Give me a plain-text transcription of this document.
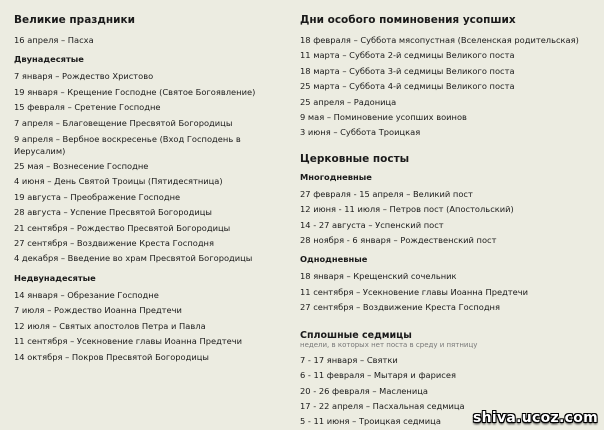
Великие праздники
16 апреля – Пасха
Двунадесятые
7 января – Рождество Христово
19 января – Крещение Господне (Святое Богоявление)
15 февраля – Сретение Господне
7 апреля – Благовещение Пресвятой Богородицы
9 апреля – Вербное воскресенье (Вход Господень в Иерусалим)
25 мая – Вознесение Господне
4 июня – День Святой Троицы (Пятидесятница)
19 августа – Преображение Господне
28 августа – Успение Пресвятой Богородицы
21 сентября – Рождество Пресвятой Богородицы
27 сентября – Воздвижение Креста Господня
4 декабря – Введение во храм Пресвятой Богородицы
Недвунадесятые
14 января – Обрезание Господне
7 июля – Рождество Иоанна Предтечи
12 июля – Святых апостолов Петра и Павла
11 сентября – Усекновение главы Иоанна Предтечи
14 октября – Покров Пресвятой Богородицы
Дни особого поминовения усопших
18 февраля – Суббота мясопустная (Вселенская родительская)
11 марта – Суббота 2-й седмицы Великого поста
18 марта – Суббота 3-й седмицы Великого поста
25 марта – Суббота 4-й седмицы Великого поста
25 апреля – Радоница
9 мая – Поминовение усопших воинов
3 июня – Суббота Троицкая
Церковные посты
Многодневные
27 февраля - 15 апреля – Великий пост
12 июня - 11 июля – Петров пост (Апостольский)
14 - 27 августа – Успенский пост
28 ноября - 6 января – Рождественский пост
Однодневные
18 января – Крещенский сочельник
11 сентября – Усекновение главы Иоанна Предтечи
27 сентября – Воздвижение Креста Господня
Сплошные седмицы
недели, в которых нет поста в среду и пятницу
7 - 17 января – Святки
6 - 11 февраля – Мытаря и фарисея
20 - 26 февраля – Масленица
17 - 22 апреля – Пасхальная седмица
5 - 11 июня – Троицкая седмица	shiva.ucoz.com
